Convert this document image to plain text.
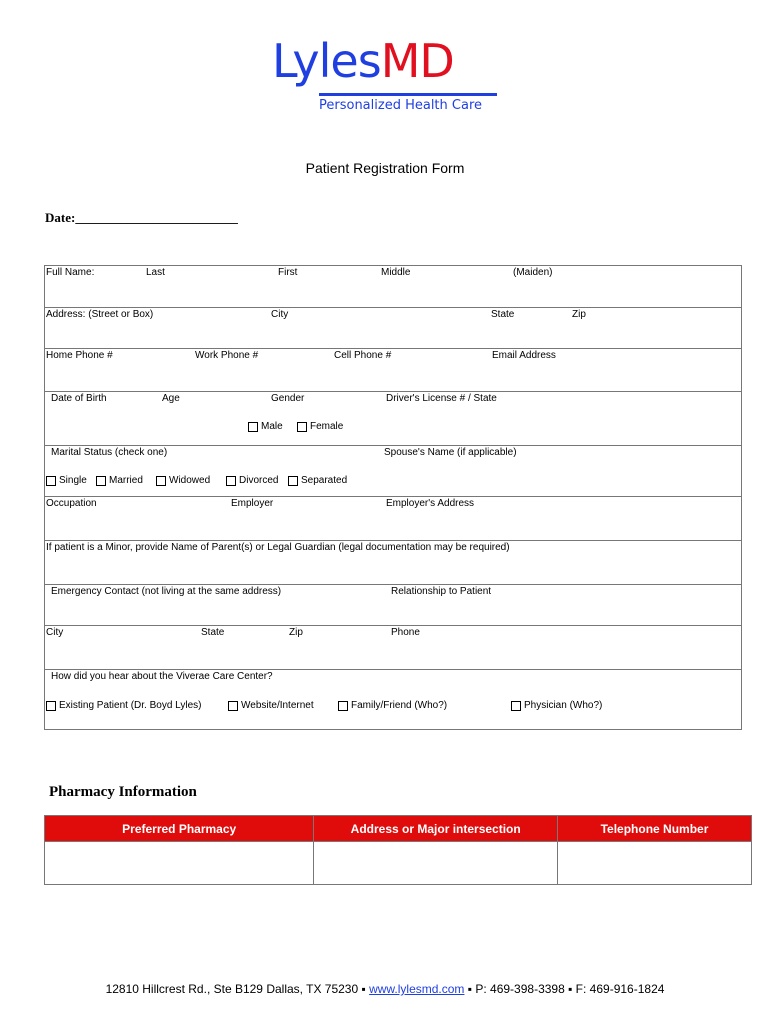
LylesMD
Personalized Health Care
Patient Registration Form
Date:_________________________
Full Name:	Last	First	Middle	(Maiden)
Address: (Street or Box)	City	State	Zip
Home Phone #	Work Phone #	Cell Phone #	Email Address
Date of Birth	Age	Gender	Driver's License # / State
Male	Female
Marital Status (check one)	Spouse's Name (if applicable)
Single Married	Widowed	Divorced Separated
Occupation	Employer	Employer's Address
If patient is a Minor, provide Name of Parent(s) or Legal Guardian (legal documentation may be required)
Emergency Contact (not living at the same address)	Relationship to Patient
City	State	Zip	Phone
How did you hear about the Viverae Care Center?
Existing Patient (Dr. Boyd Lyles)	Website/Internet	Family/Friend (Who?)	Physician (Who?)
Pharmacy Information
Preferred Pharmacy	Address or Major intersection	Telephone Number

12810 Hillcrest Rd., Ste B129 Dallas, TX 75230 ▪ www.lylesmd.com ▪ P: 469-398-3398 ▪ F: 469-916-1824
